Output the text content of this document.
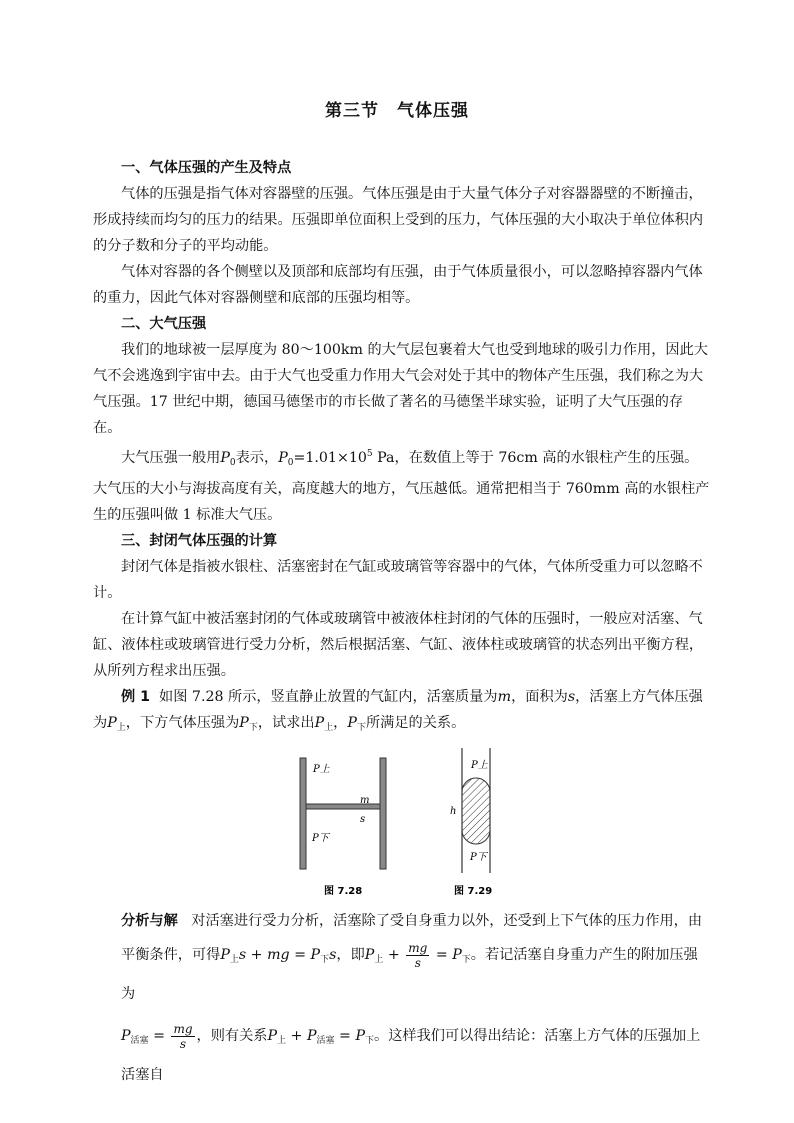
第三节 气体压强
一、气体压强的产生及特点

气体的压强是指气体对容器壁的压强。气体压强是由于大量气体分子对容器器壁的不断撞击，形成持续而均匀的压力的结果。压强即单位面积上受到的压力，气体压强的大小取决于单位体积内的分子数和分子的平均动能。

气体对容器的各个侧壁以及顶部和底部均有压强，由于气体质量很小，可以忽略掉容器内气体的重力，因此气体对容器侧壁和底部的压强均相等。

二、大气压强

我们的地球被一层厚度为 80～100km 的大气层包裹着大气也受到地球的吸引力作用，因此大气不会逃逸到宇宙中去。由于大气也受重力作用大气会对处于其中的物体产生压强，我们称之为大气压强。17 世纪中期，德国马德堡市的市长做了著名的马德堡半球实验，证明了大气压强的存在。

大气压强一般用$P_0$表示，$P_0=1.01\times 10^5$ Pa，在数值上等于 76cm 高的水银柱产生的压强。大气压的大小与海拔高度有关，高度越大的地方，气压越低。通常把相当于 760mm 高的水银柱产生的压强叫做 1 标准大气压。

三、封闭气体压强的计算

封闭气体是指被水银柱、活塞密封在气缸或玻璃管等容器中的气体，气体所受重力可以忽略不计。

在计算气缸中被活塞封闭的气体或玻璃管中被液体柱封闭的气体的压强时，一般应对活塞、气缸、液体柱或玻璃管进行受力分析，然后根据活塞、气缸、液体柱或玻璃管的状态列出平衡方程，从所列方程求出压强。

例 1 如图 7.28 所示，竖直静止放置的气缸内，活塞质量为m，面积为s，活塞上方气体压强为$P_上$，下方气体压强为$P_下$，试求出$P_上$，$P_下$所满足的关系。

P上
m
s
P下
图 7.28
P上
h
P下
图 7.29

分析与解 对活塞进行受力分析，活塞除了受自身重力以外，还受到上下气体的压力作用，由平衡条件，可得$P_上s$ + mg = $P_下s$，即$P_上 + \frac{mg}{s} = P_下$。若记活塞自身重力产生的附加压强为

$P_{活塞} = \frac{mg}{s}$ ，则有关系$P_上 + P_{活塞} = P_下$。这样我们可以得出结论：活塞上方气体的压强加上活塞自
